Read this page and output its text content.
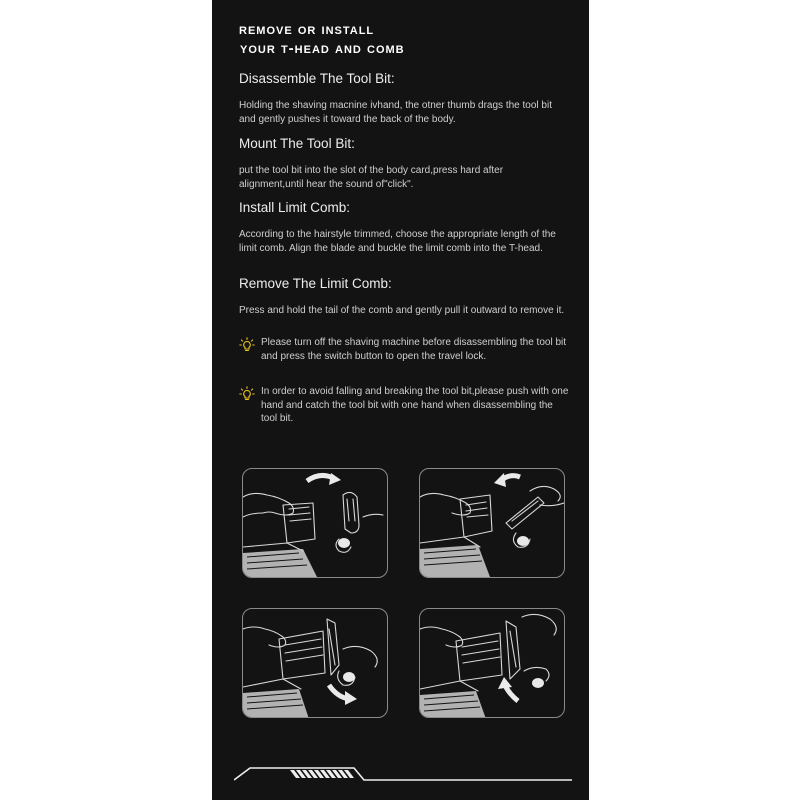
remove or install
your t-head and comb
Disassemble The Tool Bit:
Holding the shaving macnine ivhand, the otner thumb drags the tool bit and gently pushes it toward the back of the body.
Mount The Tool Bit:
put the tool bit into the slot of the body card,press hard after alignment,until hear the sound of"click".
Install Limit Comb:
According to the hairstyle trimmed, choose the appropriate length of the limit comb. Align the blade and buckle the limit comb into the T-head.
Remove The Limit Comb:
Press and hold the tail of the comb and gently pull it outward to remove it.
Please turn off the shaving machine before disassembling the tool bit and press the switch button to open the travel lock.
In order to avoid falling and breaking the tool bit,please push with one hand and catch the tool bit with one hand when disassembling the tool bit.
